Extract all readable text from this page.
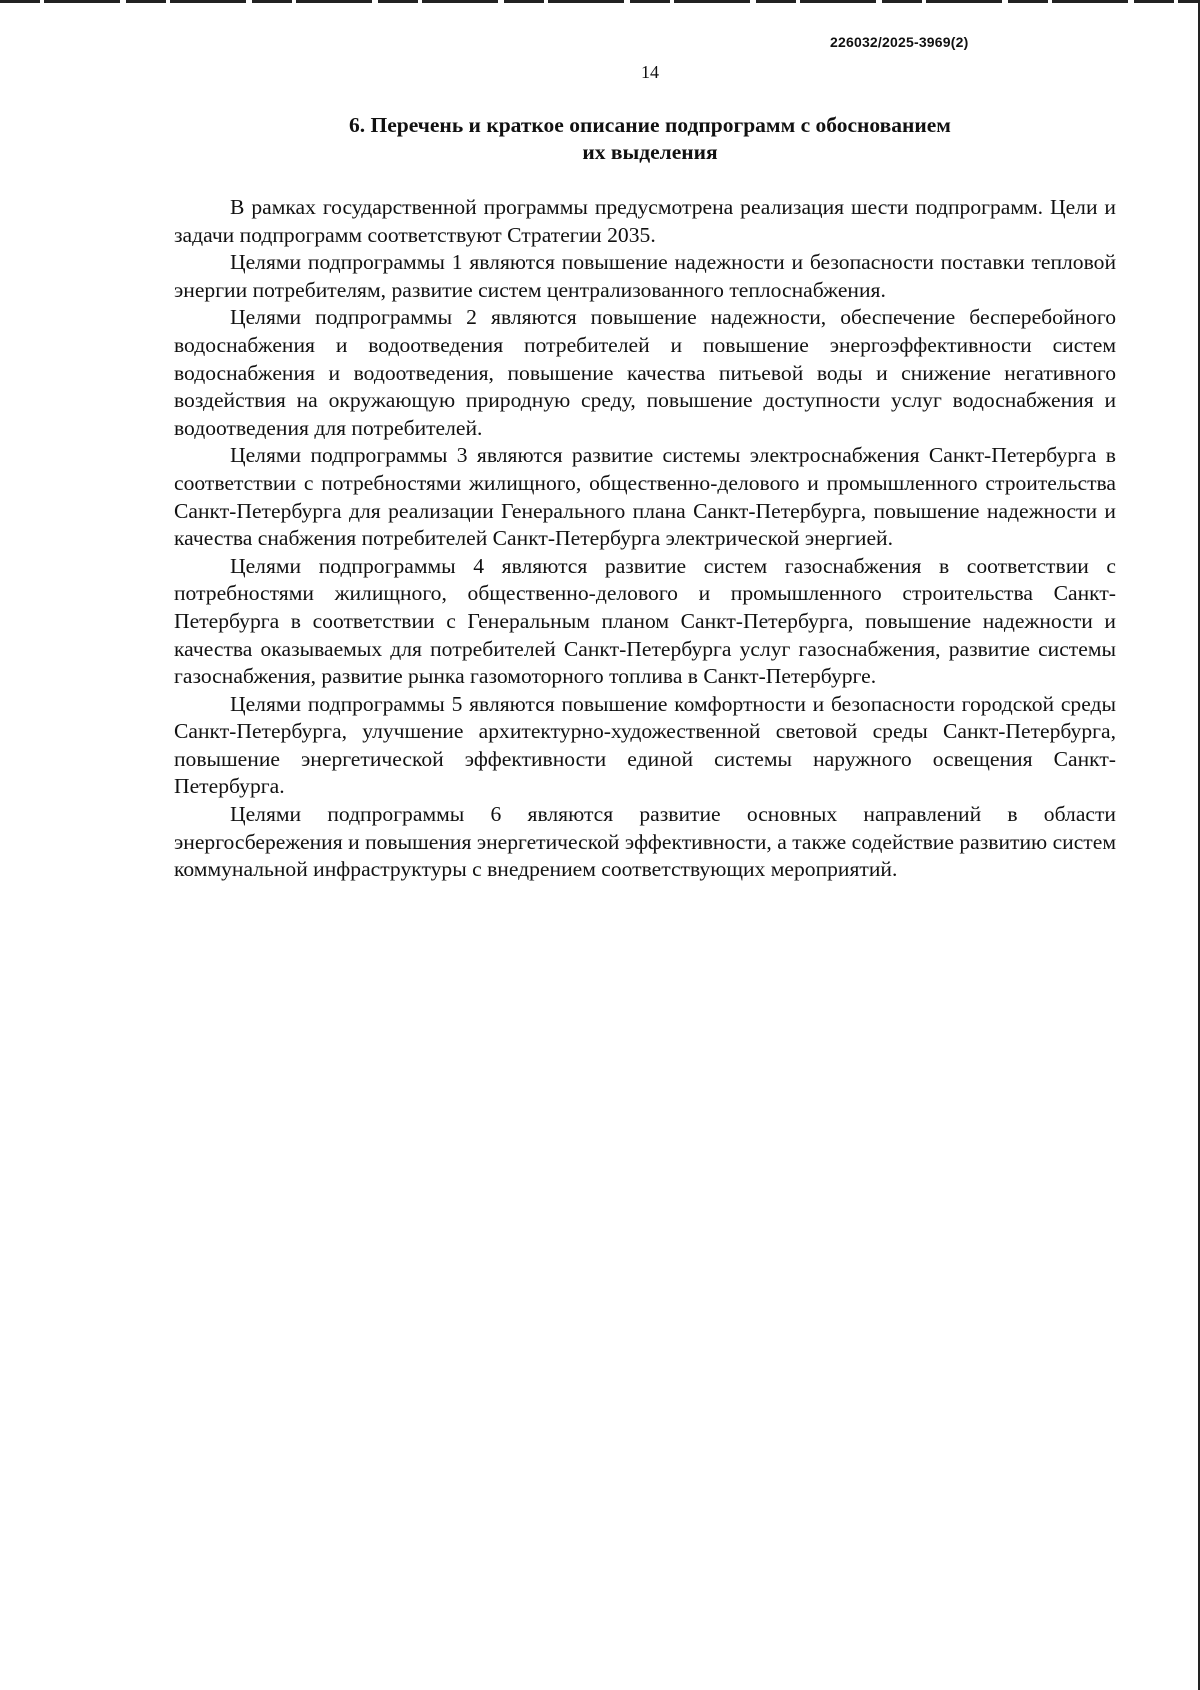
226032/2025-3969(2)
14
6. Перечень и краткое описание подпрограмм с обоснованием
их выделения

В рамках государственной программы предусмотрена реализация шести подпрограмм. Цели и задачи подпрограмм соответствуют Стратегии 2035.

Целями подпрограммы 1 являются повышение надежности и безопасности поставки тепловой энергии потребителям, развитие систем централизованного теплоснабжения.

Целями подпрограммы 2 являются повышение надежности, обеспечение бесперебойного водоснабжения и водоотведения потребителей и повышение энергоэффективности систем водоснабжения и водоотведения, повышение качества питьевой воды и снижение негативного воздействия на окружающую природную среду, повышение доступности услуг водоснабжения и водоотведения для потребителей.

Целями подпрограммы 3 являются развитие системы электроснабжения Санкт-Петербурга в соответствии с потребностями жилищного, общественно-делового и промышленного строительства Санкт-Петербурга для реализации Генерального плана Санкт-Петербурга, повышение надежности и качества снабжения потребителей Санкт-Петербурга электрической энергией.

Целями подпрограммы 4 являются развитие систем газоснабжения в соответствии с потребностями жилищного, общественно-делового и промышленного строительства Санкт-Петербурга в соответствии с Генеральным планом Санкт-Петербурга, повышение надежности и качества оказываемых для потребителей Санкт-Петербурга услуг газоснабжения, развитие системы газоснабжения, развитие рынка газомоторного топлива в Санкт-Петербурге.

Целями подпрограммы 5 являются повышение комфортности и безопасности городской среды Санкт-Петербурга, улучшение архитектурно-художественной световой среды Санкт-Петербурга, повышение энергетической эффективности единой системы наружного освещения Санкт-Петербурга.

Целями подпрограммы 6 являются развитие основных направлений в области энергосбережения и повышения энергетической эффективности, а также содействие развитию систем коммунальной инфраструктуры с внедрением соответствующих мероприятий.
